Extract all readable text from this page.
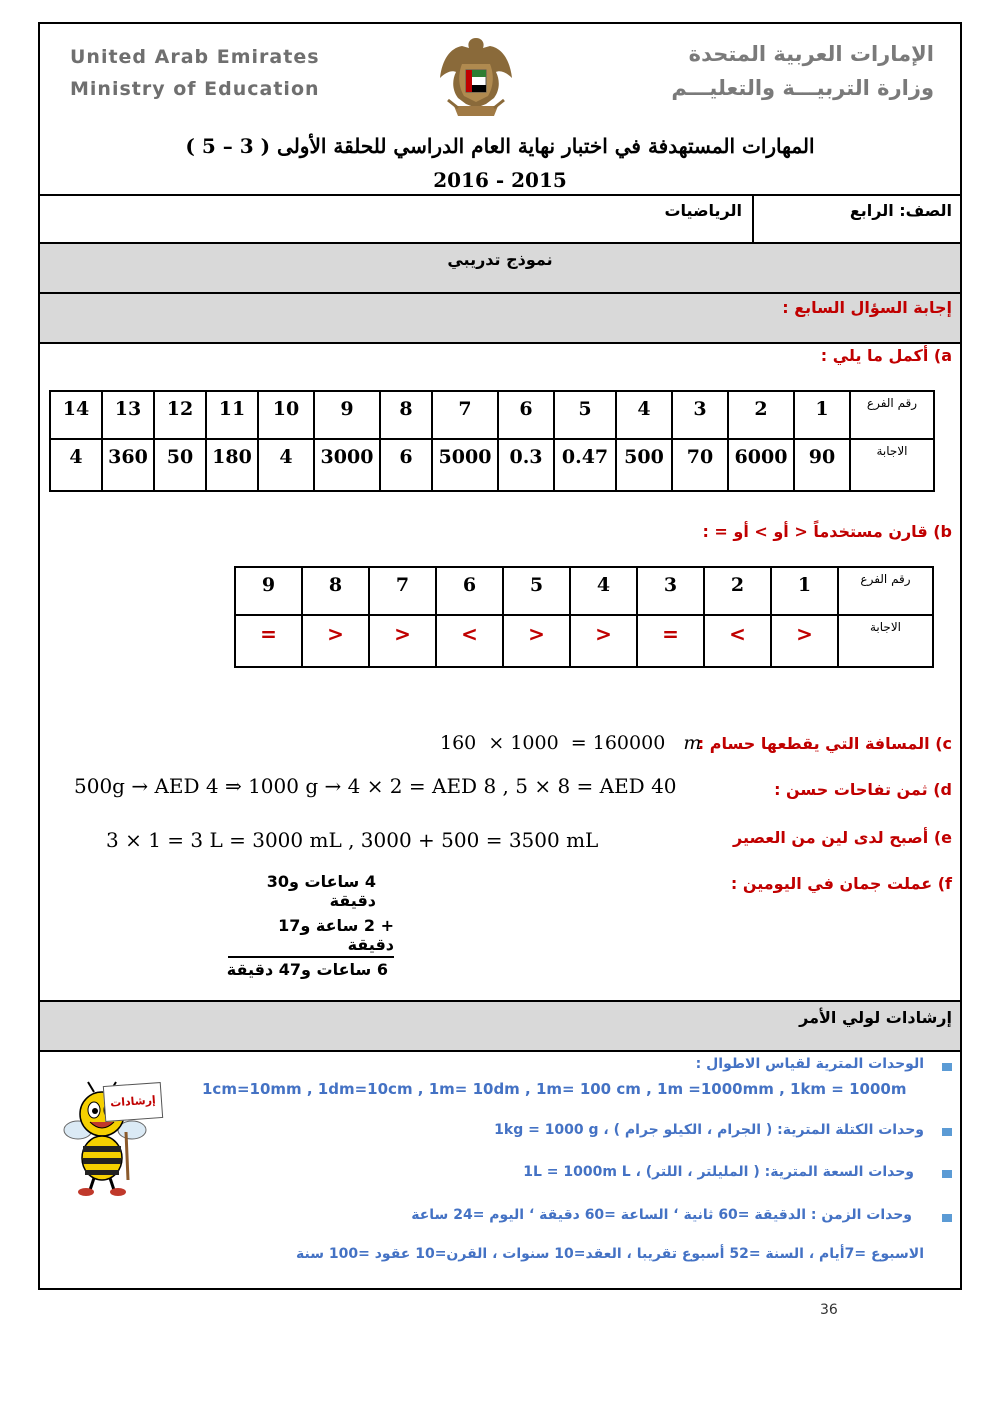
United Arab Emirates
Ministry of Education
الإمارات العربية المتحدة
وزارة التربيـــة والتعليـــم
المهارات المستهدفة في اختبار نهاية العام الدراسي للحلقة الأولى ( 3 – 5 )
2016 - 2015
الصف: الرابع
الرياضيات
نموذج تدريبي
إجابة السؤال السابع :
a) أكمل ما يلي :
14	13	12	11	10	9	8	7	6	5	4	3	2	1	رقم الفرع
4	360	50	180	4	3000	6	5000	0.3	0.47	500	70	6000	90	الاجابة
b) قارن مستخدماً < أو > أو = :
9	8	7	6	5	4	3	2	1	رقم الفرع
=	>	>	<	>	>	=	<	>	الاجابة
c) المسافة التي يقطعها حسام :
160 × 1000 = 160000 m
d) ثمن تفاحات حسن :
500g → AED 4 ⇒ 1000 g → 4 × 2 = AED 8 , 5 × 8 = AED 40
e) أصبح لدى لين من العصير
3 × 1 = 3 L = 3000 mL , 3000 + 500 = 3500 mL
f) عملت جمان في اليومين :
4 ساعات و30 دقيقة
+ 2 ساعة و17 دقيقة
6 ساعات و47 دقيقة
إرشادات لولي الأمر
الوحدات المترية لقياس الاطوال :
1cm=10mm , 1dm=10cm , 1m= 10dm , 1m= 100 cm , 1m =1000mm , 1km = 1000m
وحدات الكتلة المترية: ( الجرام ، الكيلو جرام ) ، 1kg = 1000 g
وحدات السعة المترية: ( المليلتر ، اللتر) ، 1L = 1000m L
وحدات الزمن : الدقيقة =60 ثانية ‘ الساعة =60 دقيقة ‘ اليوم =24 ساعة
الاسبوع =7أيام ، السنة =52 أسبوع تقريبا ، العقد=10 سنوات ، القرن=10 عقود =100 سنة
إرشادات
36
